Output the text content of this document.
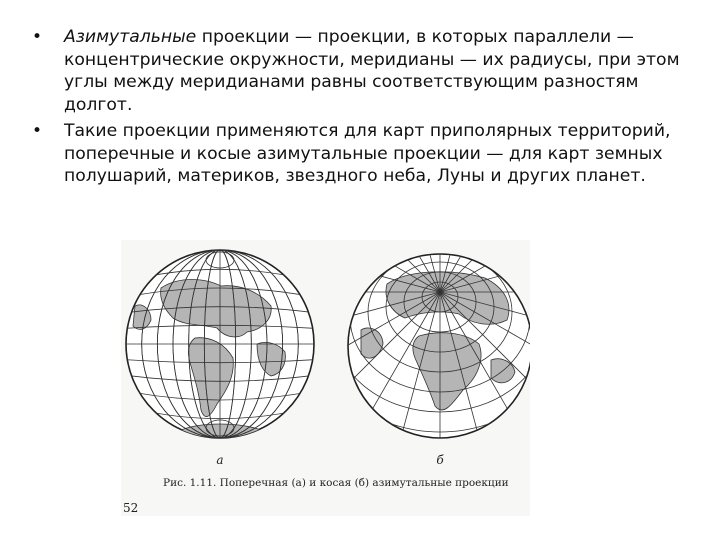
• Азимутальные проекции — проекции, в которых параллели — концентрические окружности, меридианы — их радиусы, при этом углы между меридианами равны соответствующим разностям долгот.
• Такие проекции применяются для карт приполярных территорий, поперечные и косые азимутальные проекции — для карт земных полушарий, материков, звездного неба, Луны и других планет.
а	б
Рис. 1.11. Поперечная (а) и косая (б) азимутальные проекции
52
